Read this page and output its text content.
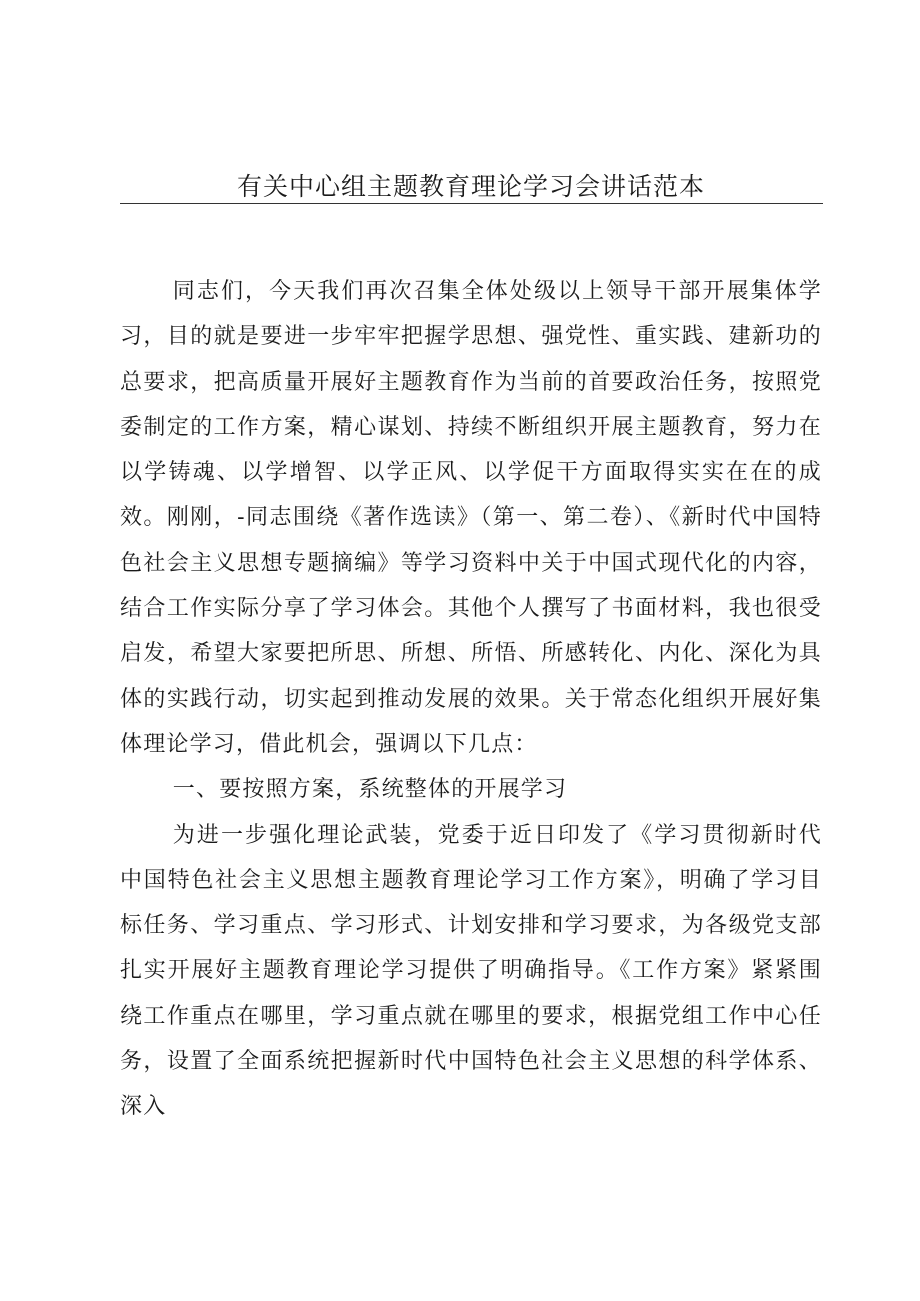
有关中心组主题教育理论学习会讲话范本

同志们，今天我们再次召集全体处级以上领导干部开展集体学习，目的就是要进一步牢牢把握学思想、强党性、重实践、建新功的总要求，把高质量开展好主题教育作为当前的首要政治任务，按照党委制定的工作方案，精心谋划、持续不断组织开展主题教育，努力在以学铸魂、以学增智、以学正风、以学促干方面取得实实在在的成效。刚刚，-同志围绕《著作选读》（第一、第二卷）、《新时代中国特色社会主义思想专题摘编》等学习资料中关于中国式现代化的内容，结合工作实际分享了学习体会。其他个人撰写了书面材料，我也很受启发，希望大家要把所思、所想、所悟、所感转化、内化、深化为具体的实践行动，切实起到推动发展的效果。关于常态化组织开展好集体理论学习，借此机会，强调以下几点：

一、要按照方案，系统整体的开展学习

为进一步强化理论武装，党委于近日印发了《学习贯彻新时代中国特色社会主义思想主题教育理论学习工作方案》，明确了学习目标任务、学习重点、学习形式、计划安排和学习要求，为各级党支部扎实开展好主题教育理论学习提供了明确指导。《工作方案》紧紧围绕工作重点在哪里，学习重点就在哪里的要求，根据党组工作中心任务，设置了全面系统把握新时代中国特色社会主义思想的科学体系、深入
